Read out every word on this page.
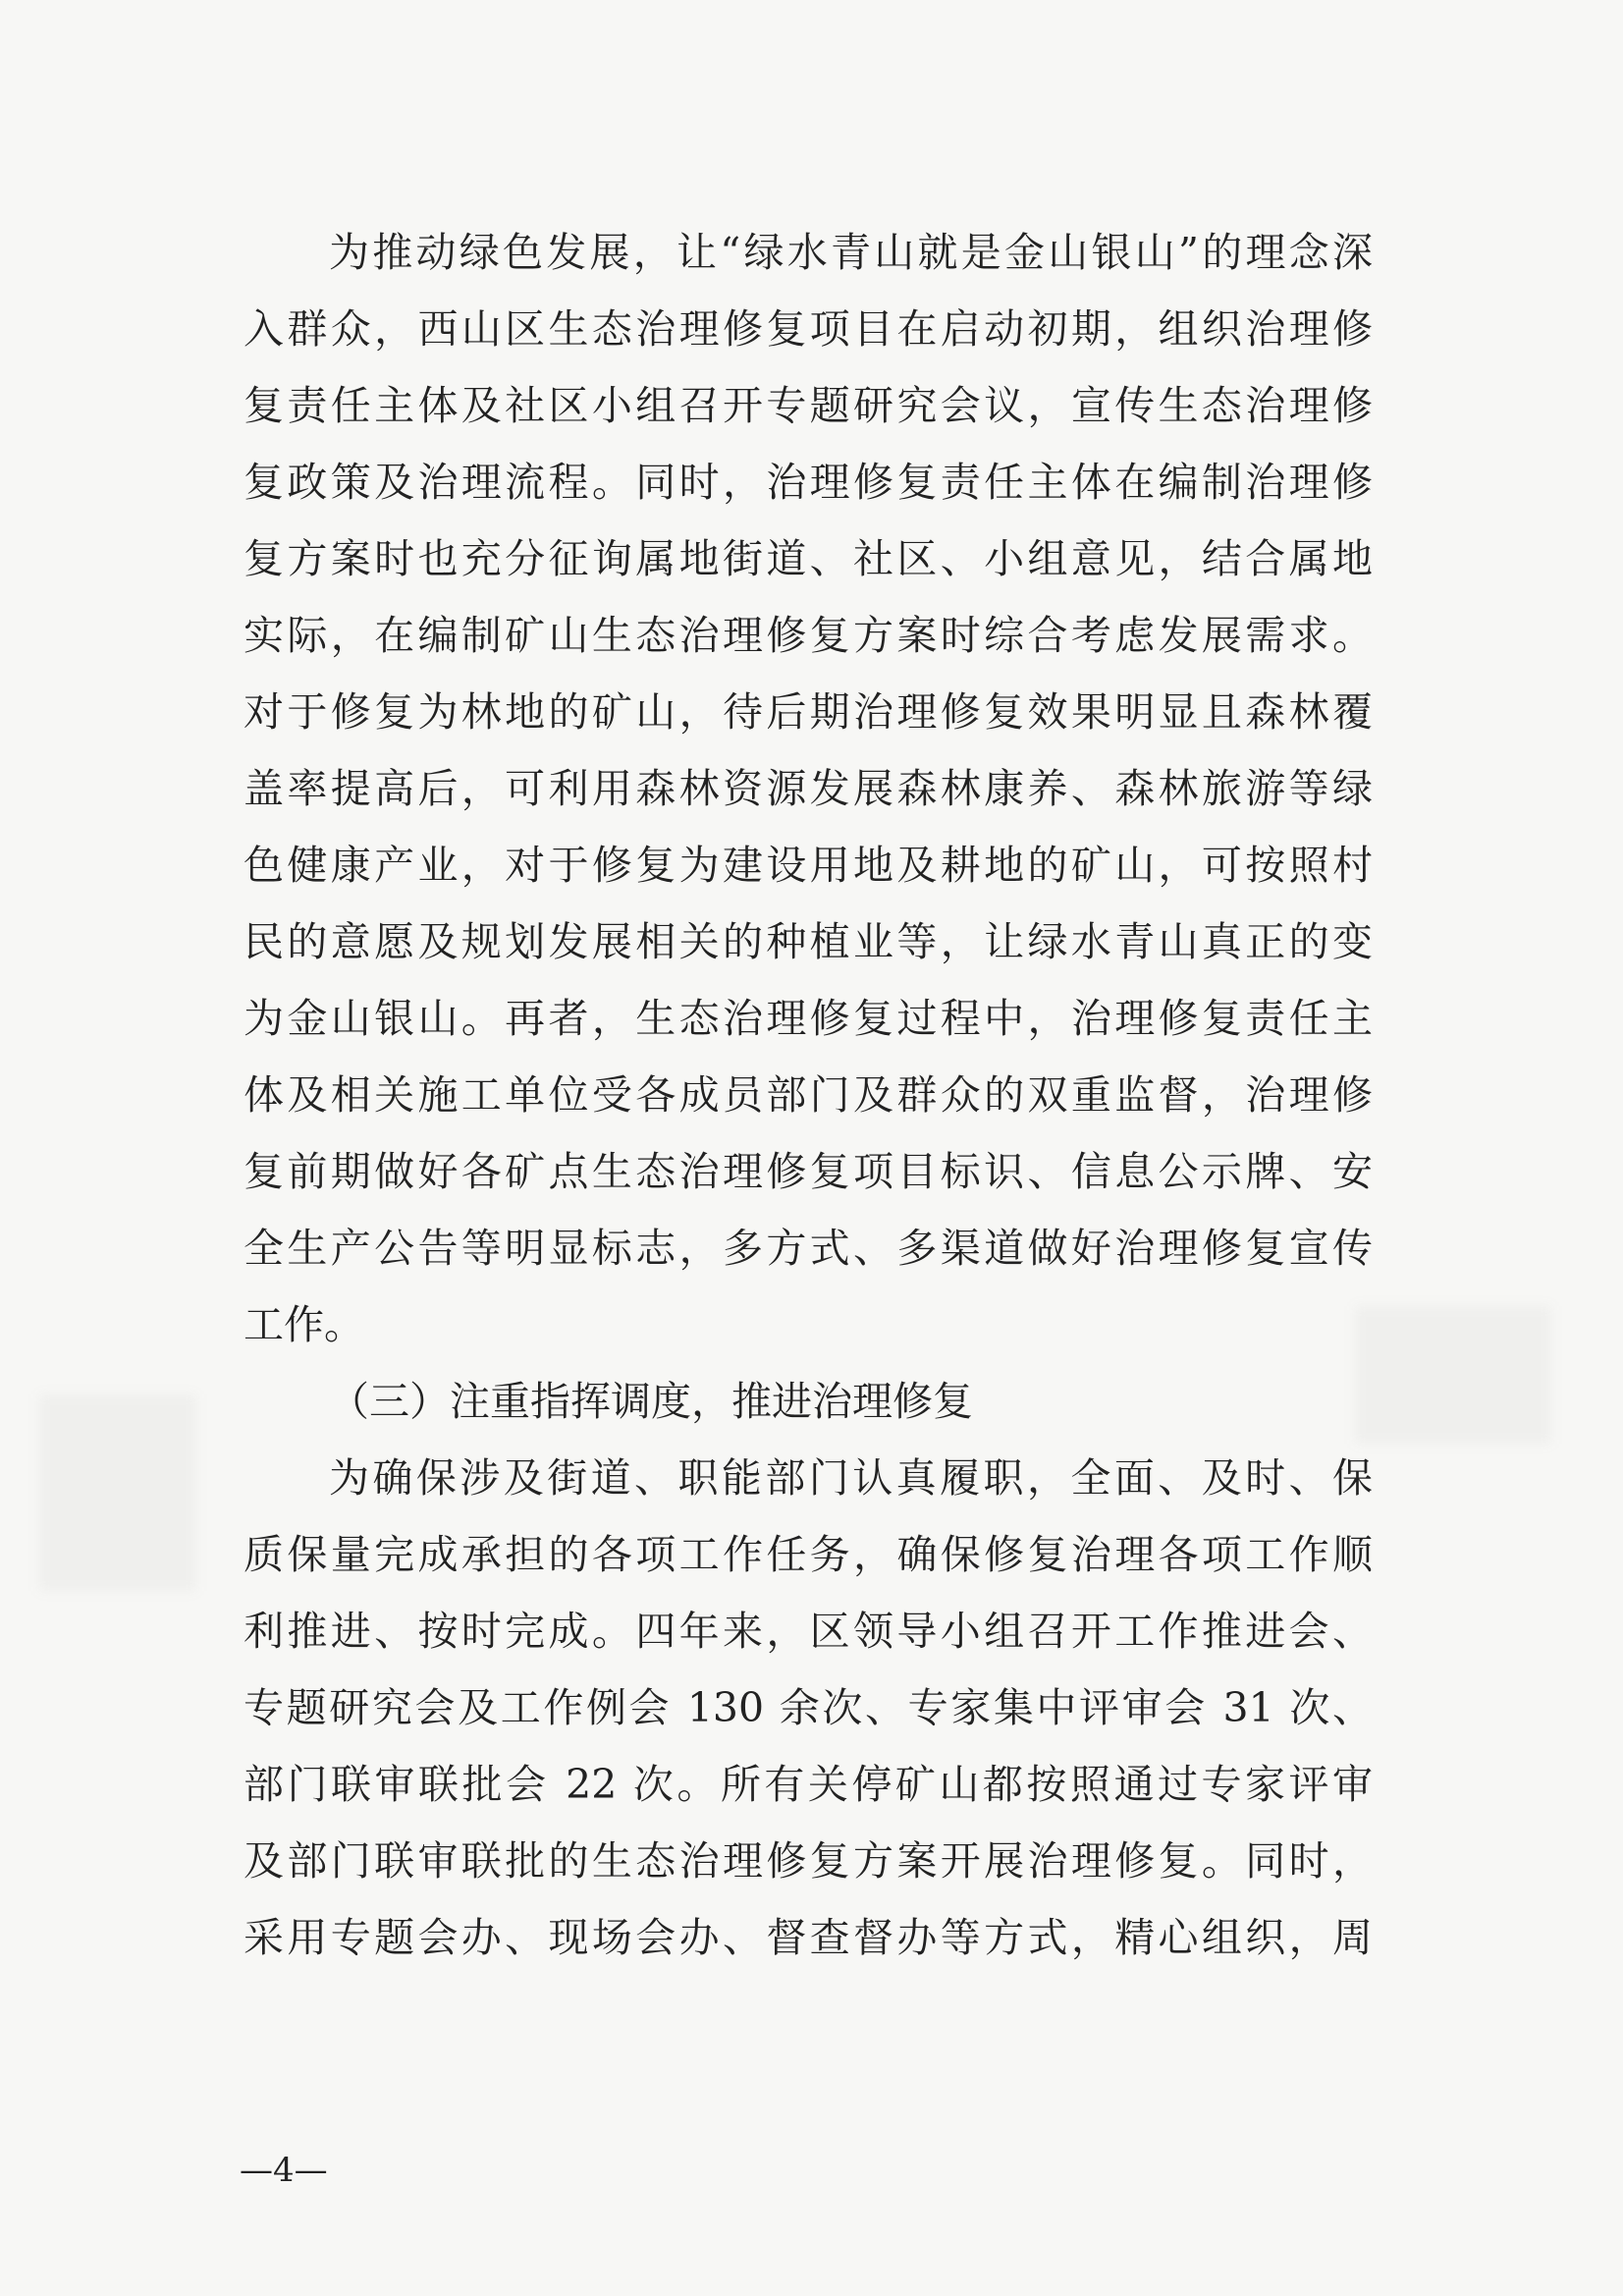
为推动绿色发展，让“绿水青山就是金山银山”的理念深
入群众，西山区生态治理修复项目在启动初期，组织治理修
复责任主体及社区小组召开专题研究会议，宣传生态治理修
复政策及治理流程。同时，治理修复责任主体在编制治理修
复方案时也充分征询属地街道、社区、小组意见，结合属地
实际，在编制矿山生态治理修复方案时综合考虑发展需求。
对于修复为林地的矿山，待后期治理修复效果明显且森林覆
盖率提高后，可利用森林资源发展森林康养、森林旅游等绿
色健康产业，对于修复为建设用地及耕地的矿山，可按照村
民的意愿及规划发展相关的种植业等，让绿水青山真正的变
为金山银山。再者，生态治理修复过程中，治理修复责任主
体及相关施工单位受各成员部门及群众的双重监督，治理修
复前期做好各矿点生态治理修复项目标识、信息公示牌、安
全生产公告等明显标志，多方式、多渠道做好治理修复宣传
工作。
（三）注重指挥调度，推进治理修复
为确保涉及街道、职能部门认真履职，全面、及时、保
质保量完成承担的各项工作任务，确保修复治理各项工作顺
利推进、按时完成。四年来，区领导小组召开工作推进会、
专题研究会及工作例会 130 余次、专家集中评审会 31 次、
部门联审联批会 22 次。所有关停矿山都按照通过专家评审
及部门联审联批的生态治理修复方案开展治理修复。同时，
采用专题会办、现场会办、督查督办等方式，精心组织，周
—4—
